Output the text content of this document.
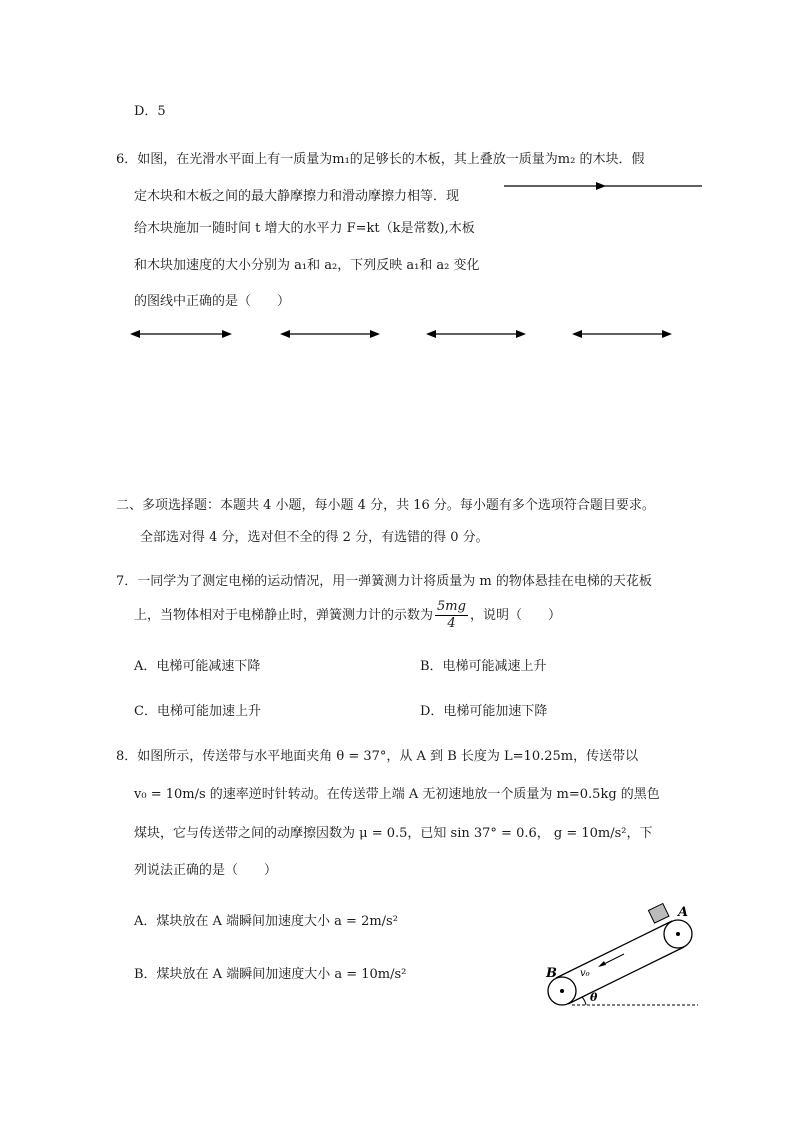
D．5
6．如图，在光滑水平面上有一质量为m₁的足够长的木板，其上叠放一质量为m₂ 的木块．假
定木块和木板之间的最大静摩擦力和滑动摩擦力相等．现
给木块施加一随时间 t 增大的水平力 F=kt（k是常数),木板
和木块加速度的大小分别为 a₁和 a₂，下列反映 a₁和 a₂ 变化
的图线中正确的是（　　）
二、多项选择题：本题共 4 小题，每小题 4 分，共 16 分。每小题有多个选项符合题目要求。
全部选对得 4 分，选对但不全的得 2 分，有选错的得 0 分。
7．一同学为了测定电梯的运动情况，用一弹簧测力计将质量为 m 的物体悬挂在电梯的天花板
上，当物体相对于电梯静止时，弹簧测力计的示数为 $\frac{5mg}{4}$ ，说明（　　）
A．电梯可能减速下降	B．电梯可能减速上升
C．电梯可能加速上升	D．电梯可能加速下降
8．如图所示，传送带与水平地面夹角 θ = 37°，从 A 到 B 长度为 L=10.25m，传送带以
v₀ = 10m/s 的速率逆时针转动。在传送带上端 A 无初速地放一个质量为 m=0.5kg 的黑色
煤块，它与传送带之间的动摩擦因数为 μ = 0.5，已知 sin 37° = 0.6， g = 10m/s²，下
列说法正确的是（　　）
A．煤块放在 A 端瞬间加速度大小 a = 2m/s²
B．煤块放在 A 端瞬间加速度大小 a = 10m/s²
A
B v₀
θ
